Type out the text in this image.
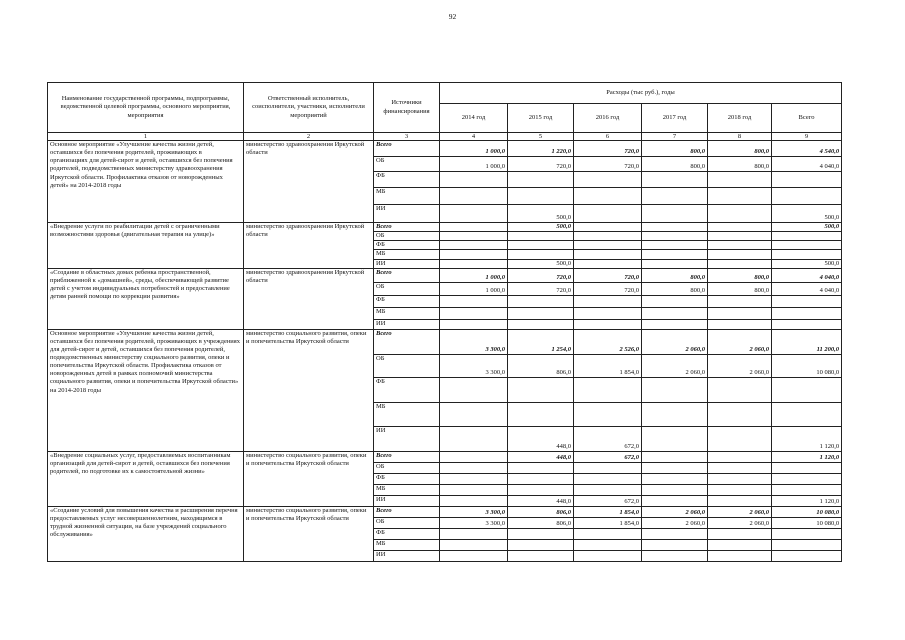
92
Наименование государственной программы, подпрограммы, ведомственной целевой программы, основного мероприятия, мероприятия	Ответственный исполнитель, соисполнители, участники, исполнители мероприятий	Источники финансирования	Расходы (тыс руб.), годы					
			2014 год	2015 год	2016 год	2017 год	2018 год	Всего
1	2	3	4	5	6	7	8	9
Основное мероприятие «Улучшение качества жизни детей, оставшихся без попечения родителей, проживающих в организациях для детей-сирот и детей, оставшихся без попечения родителей, подведомственных министерству здравоохранения Иркутской области. Профилактика отказов от новорожденных детей» на 2014-2018 годы	министерство здравоохранения Иркутской области	Всего	1 000,0	1 220,0	720,0	800,0	800,0	4 540,0
		ОБ	1 000,0	720,0	720,0	800,0	800,0	4 040,0
		ФБ						
		МБ						
		ИИ		500,0				500,0
«Внедрение услуги по реабилитации детей с ограниченными возможностями здоровья (двигательная терапия на улице)»	министерство здравоохранения Иркутской области	Всего		500,0				500,0
		ОБ						
		ФБ						
		МБ						
		ИИ		500,0				500,0
«Создание в областных домах ребенка пространственной, приближенной к «домашней», среды, обеспечивающей развитие детей с учетом индивидуальных потребностей и предоставление детям ранней помощи по коррекции развития»	министерство здравоохранения Иркутской области	Всего	1 000,0	720,0	720,0	800,0	800,0	4 040,0
		ОБ	1 000,0	720,0	720,0	800,0	800,0	4 040,0
		ФБ						
		МБ						
		ИИ						
Основное мероприятие «Улучшение качества жизни детей, оставшихся без попечения родителей, проживающих в учреждениях для детей-сирот и детей, оставшихся без попечения родителей, подведомственных министерству социального развития, опеки и попечительства Иркутской области. Профилактика отказов от новорожденных детей в рамках полномочий министерства социального развития, опеки и попечительства Иркутской области» на 2014-2018 годы	министерство социального развития, опеки и попечительства Иркутской области	Всего	3 300,0	1 254,0	2 526,0	2 060,0	2 060,0	11 200,0
		ОБ	3 300,0	806,0	1 854,0	2 060,0	2 060,0	10 080,0
		ФБ						
		МБ						
		ИИ		448,0	672,0			1 120,0
«Внедрение социальных услуг, предоставляемых воспитанникам организаций для детей-сирот и детей, оставшихся без попечения родителей, по подготовке их к самостоятельной жизни»	министерство социального развития, опеки и попечительства Иркутской области	Всего		448,0	672,0			1 120,0
		ОБ						
		ФБ						
		МБ						
		ИИ		448,0	672,0			1 120,0
«Создание условий для повышения качества и расширения перечня предоставляемых услуг несовершеннолетним, находящимся в трудной жизненной ситуации, на базе учреждений социального обслуживания»	министерство социального развития, опеки и попечительства Иркутской области	Всего	3 300,0	806,0	1 854,0	2 060,0	2 060,0	10 080,0
		ОБ	3 300,0	806,0	1 854,0	2 060,0	2 060,0	10 080,0
		ФБ						
		МБ						
		ИИ						
